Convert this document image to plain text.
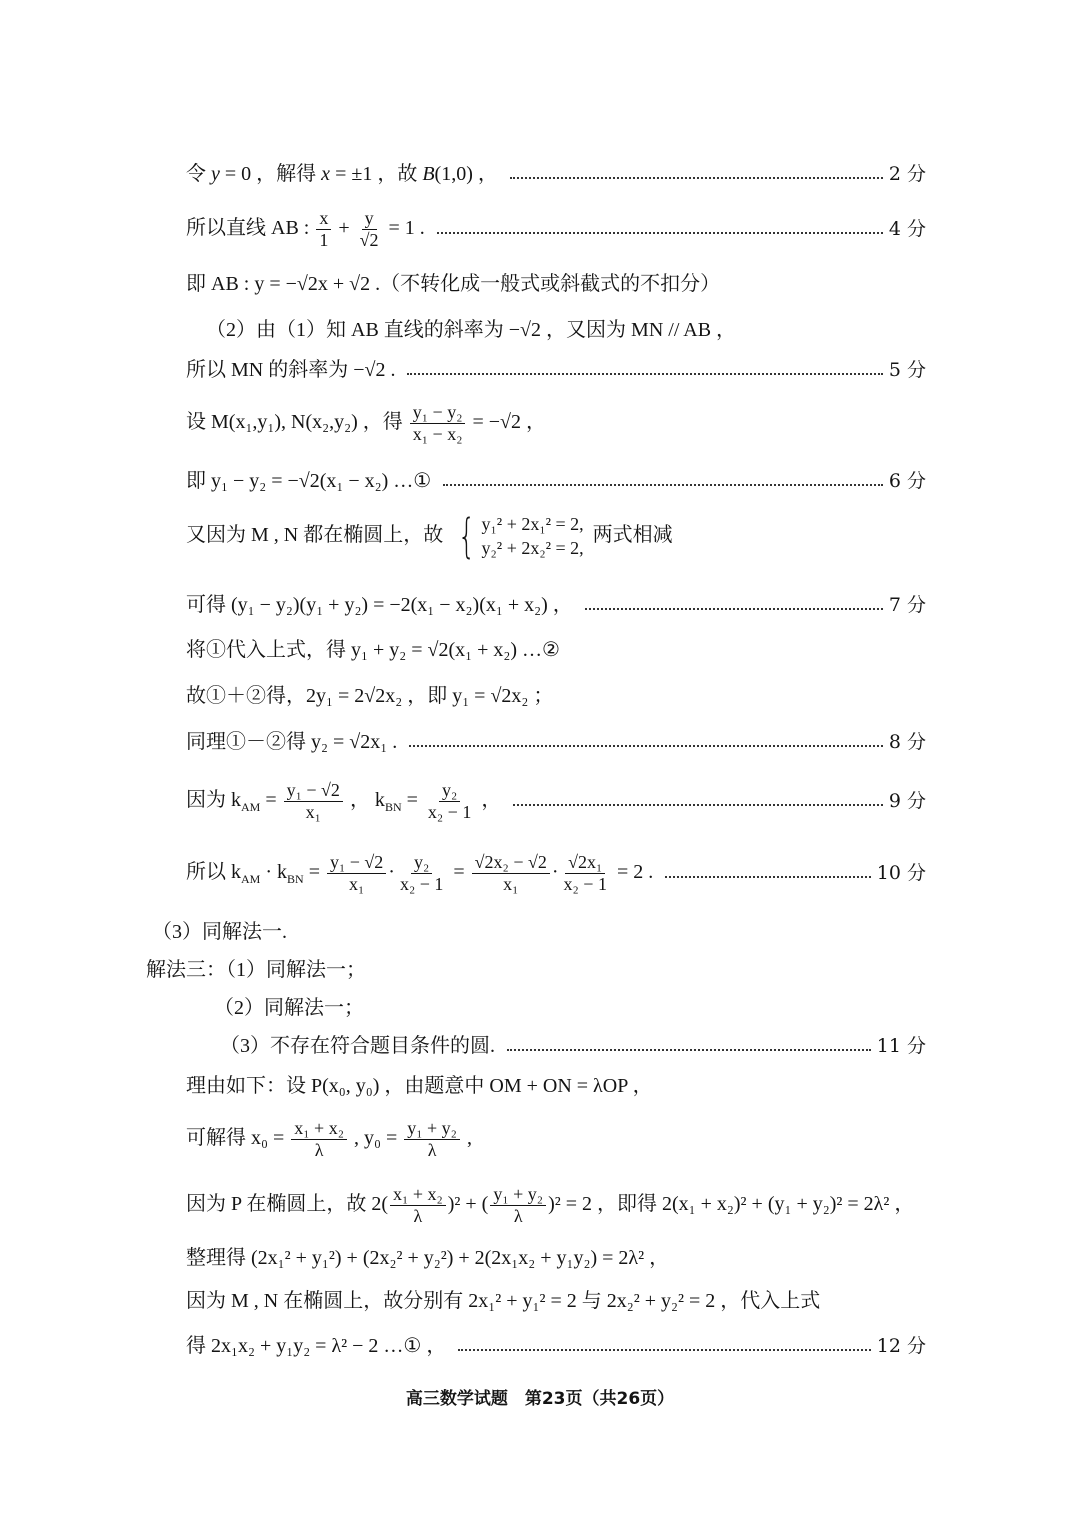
令 y = 0 ，解得 x = ±1 ，故 B(1,0) ，	2 分
所以直线 AB : $\frac{x}{1} + \frac{y}{√2} = 1$ .	4 分
即 AB : y = −√2x + √2 .（不转化成一般式或斜截式的不扣分）
（2）由（1）知 AB 直线的斜率为 −√2 ，又因为 MN // AB ，
所以 MN 的斜率为 −√2 .	5 分
设 M(x₁,y₁), N(x₂,y₂) ，得 $\frac{\text{y₁ − y₂}}{\text{x₁ − x₂}} = -√2$ ，
即 y₁ − y₂ = −√2(x₁ − x₂) …①	6 分
又因为 M , N 都在椭圆上，故 { y₁² + 2x₁² = 2,
y₂² + 2x₂² = 2,
两式相减
可得 (y₁ − y₂)(y₁ + y₂) = −2(x₁ − x₂)(x₁ + x₂) ，	7 分
将①代入上式，得 y₁ + y₂ = √2(x₁ + x₂) …②
故①＋②得，2y₁ = 2√2x₂ ，即 y₁ = √2x₂ ；
同理①－②得 y₂ = √2x₁ .	8 分
因为 $k_{AM} = \frac{\text{y₁ − √2}}{\text{x₁}}$ ， $k_{BN} = \frac{\text{y₂}}{\text{x₂ − 1}}$ ，	9 分
所以 $k_{AM} \cdot k_{BN} = \frac{\text{y₁ − √2}}{\text{x₁}} \cdot \frac{\text{y₂}}{\text{x₂ − 1}} = \frac{\text{√2x₂ − √2}}{\text{x₁}} \cdot \frac{\text{√2x₁}}{\text{x₂ − 1}} = 2$ .	10 分
（3）同解法一.
解法三：（1）同解法一；
（2）同解法一；
（3）不存在符合题目条件的圆.	11 分
理由如下：设 P(x₀, y₀) ，由题意中 OM + ON = λOP ，
可解得 $x_0 = \frac{\text{x₁ + x₂}}{\lambda}$ , $y_0 = \frac{\text{y₁ + y₂}}{\lambda}$ ,
因为 P 在椭圆上，故 $2( \frac{\text{x₁ + x₂}}{\lambda} )^2$ + ( $\frac{\text{y₁ + y₂}}{\lambda} )^2 = 2$ ，即得 2(x₁ + x₂)² + (y₁ + y₂)² = 2λ² ，
整理得 (2x₁² + y₁²) + (2x₂² + y₂²) + 2(2x₁x₂ + y₁y₂) = 2λ² ，
因为 M , N 在椭圆上，故分别有 2x₁² + y₁² = 2 与 2x₂² + y₂² = 2 ，代入上式
得 2x₁x₂ + y₁y₂ = λ² − 2 …① ，	12 分
高三数学试题　第23页（共26页）
